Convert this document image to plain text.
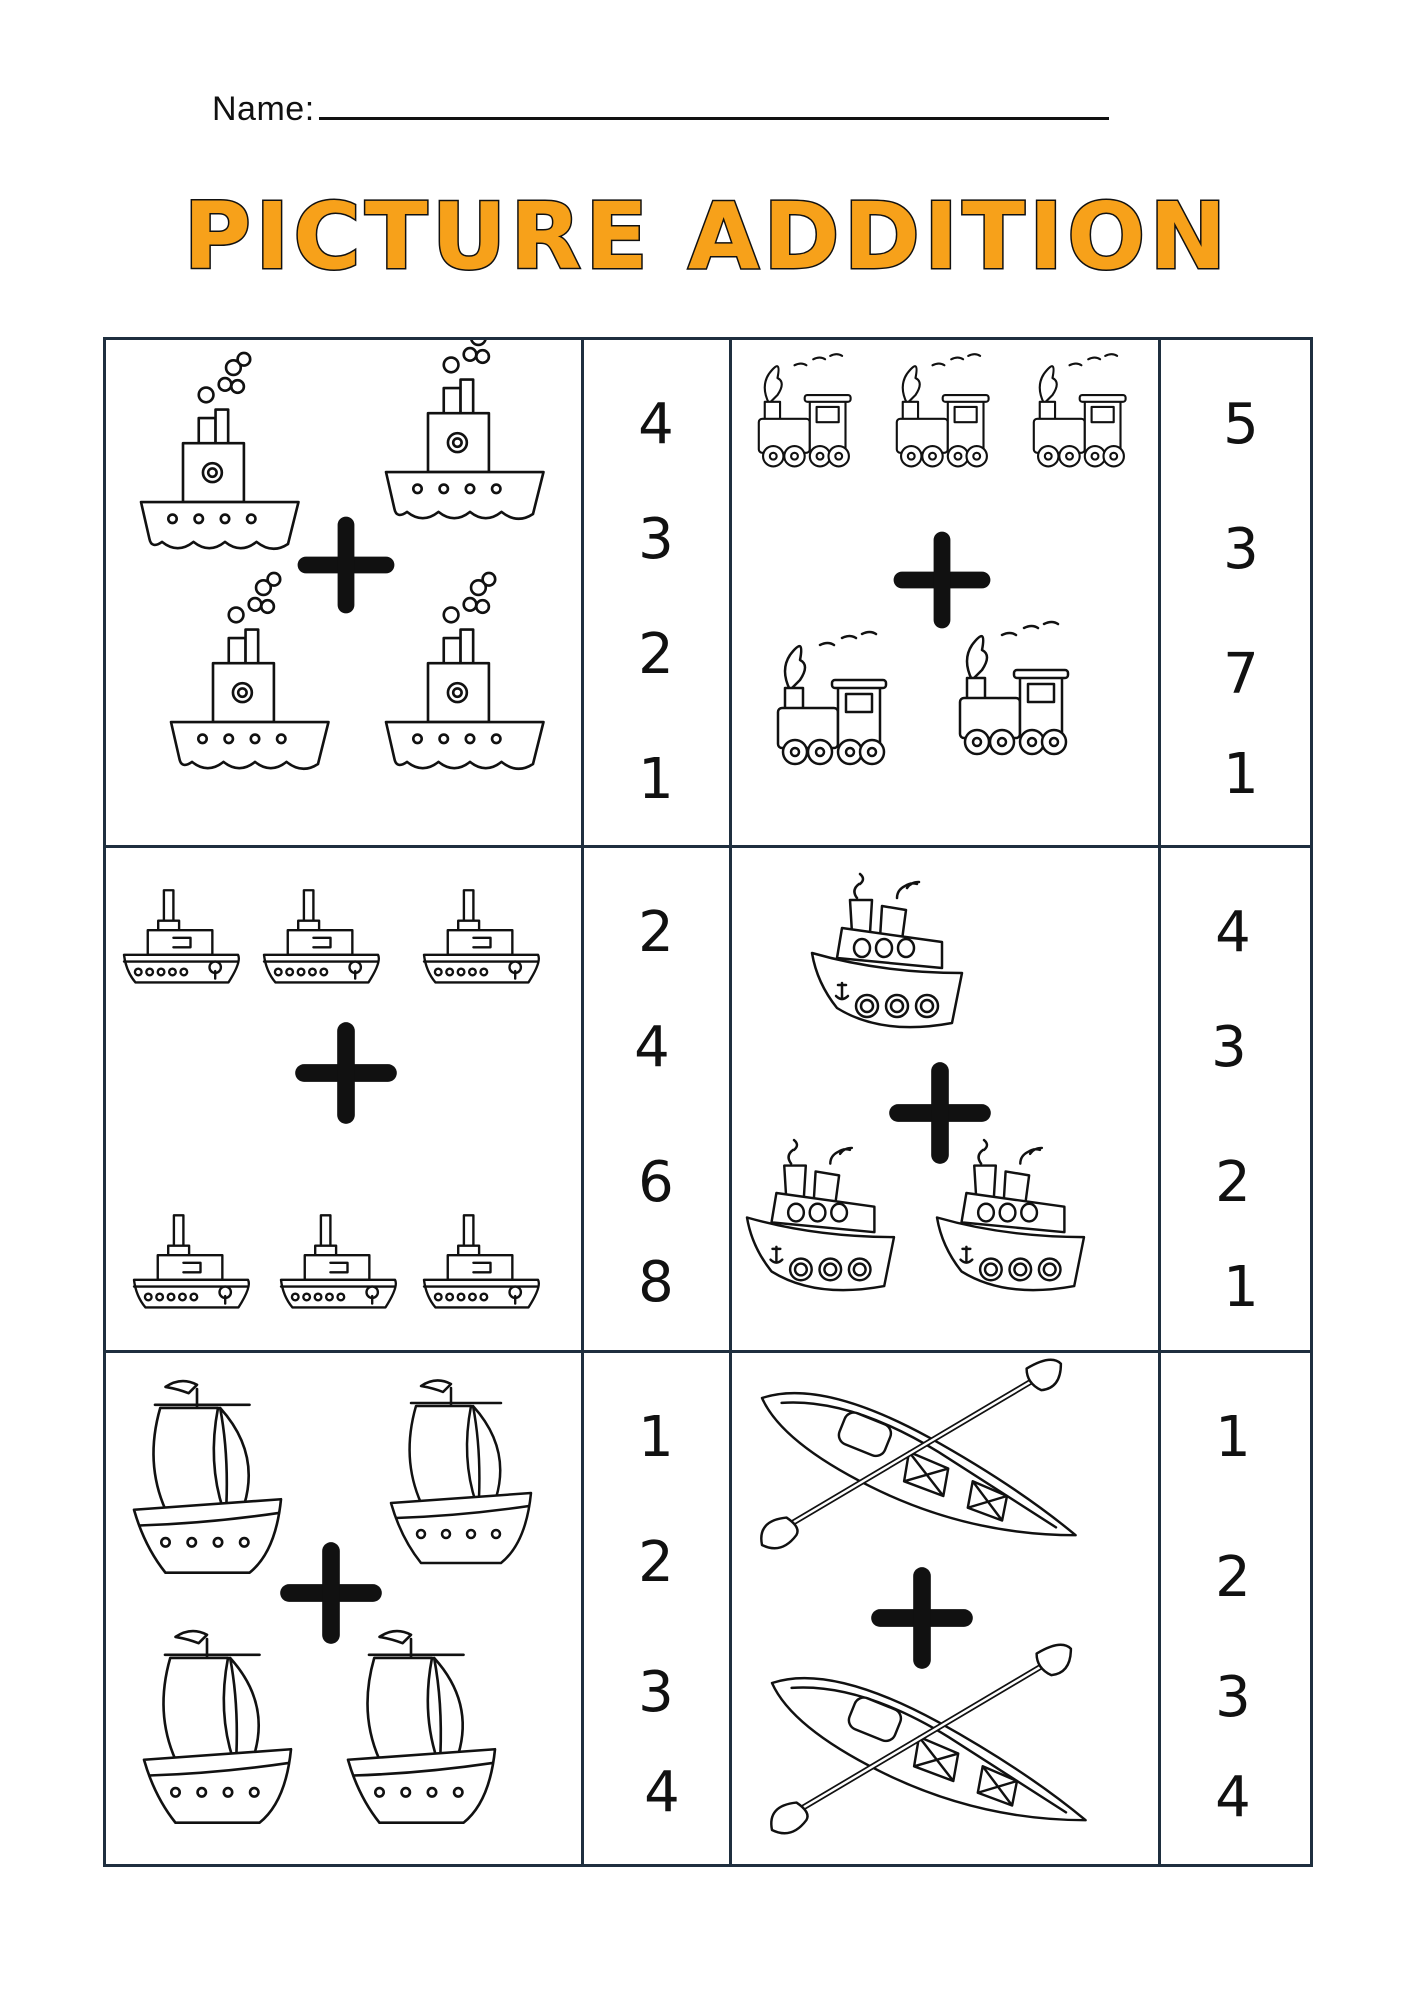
Name:
PICTURE ADDITION
4
3
2
1
5
3
7
1
2
4
6
8
4
3
2
1
1
2
3
4
1
2
3
4
